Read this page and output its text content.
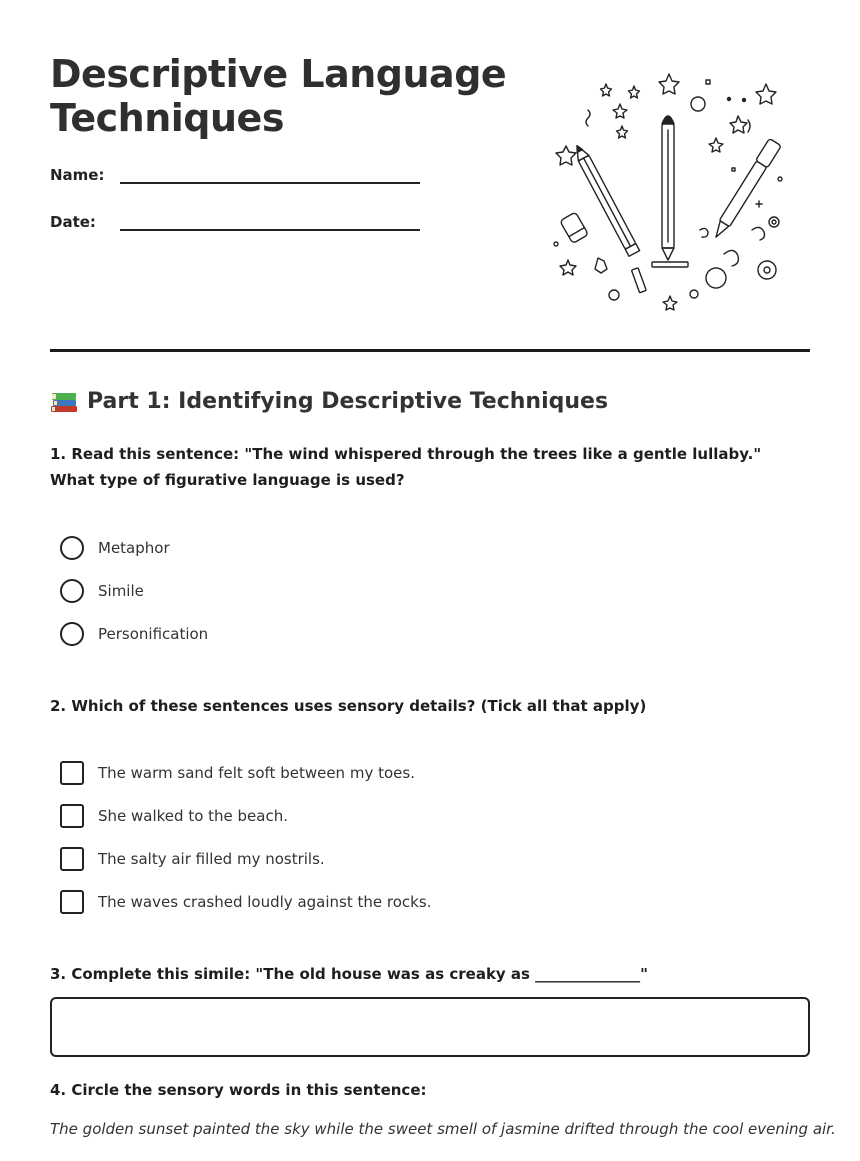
Descriptive Language
Techniques
Name:
Date:
Part 1: Identifying Descriptive Techniques

1. Read this sentence: "The wind whispered through the trees like a gentle lullaby." What type of figurative language is used?

Metaphor
Simile
Personification

2. Which of these sentences uses sensory details? (Tick all that apply)

The warm sand felt soft between my toes.
She walked to the beach.
The salty air filled my nostrils.
The waves crashed loudly against the rocks.

3. Complete this simile: "The old house was as creaky as ______________"

4. Circle the sensory words in this sentence:

The golden sunset painted the sky while the sweet smell of jasmine drifted through the cool evening air.
